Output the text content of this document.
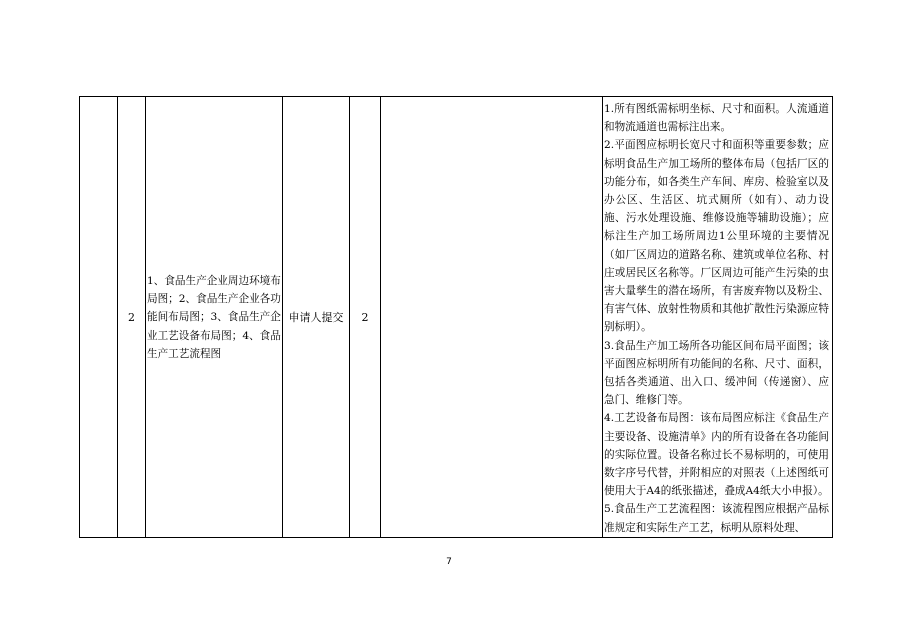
2
1、食品生产企业周边环境布局图；2、食品生产企业各功能间布局图；3、食品生产企业工艺设备布局图；4、食品生产工艺流程图
申请人提交	2

1.所有图纸需标明坐标、尺寸和面积。人流通道和物流通道也需标注出来。

2.平面图应标明长宽尺寸和面积等重要参数；应标明食品生产加工场所的整体布局（包括厂区的功能分布，如各类生产车间、库房、检验室以及办公区、生活区、坑式厕所（如有）、动力设施、污水处理设施、维修设施等辅助设施）；应标注生产加工场所周边1公里环境的主要情况（如厂区周边的道路名称、建筑或单位名称、村庄或居民区名称等。厂区周边可能产生污染的虫害大量孳生的潜在场所，有害废弃物以及粉尘、有害气体、放射性物质和其他扩散性污染源应特别标明）。

3.食品生产加工场所各功能区间布局平面图；该平面图应标明所有功能间的名称、尺寸、面积，包括各类通道、出入口、缓冲间（传递窗）、应急门、维修门等。

4.工艺设备布局图：该布局图应标注《食品生产主要设备、设施清单》内的所有设备在各功能间的实际位置。设备名称过长不易标明的，可使用数字序号代替，并附相应的对照表（上述图纸可使用大于A4的纸张描述，叠成A4纸大小申报）。

5.食品生产工艺流程图：该流程图应根据产品标准规定和实际生产工艺，标明从原料处理、

7
